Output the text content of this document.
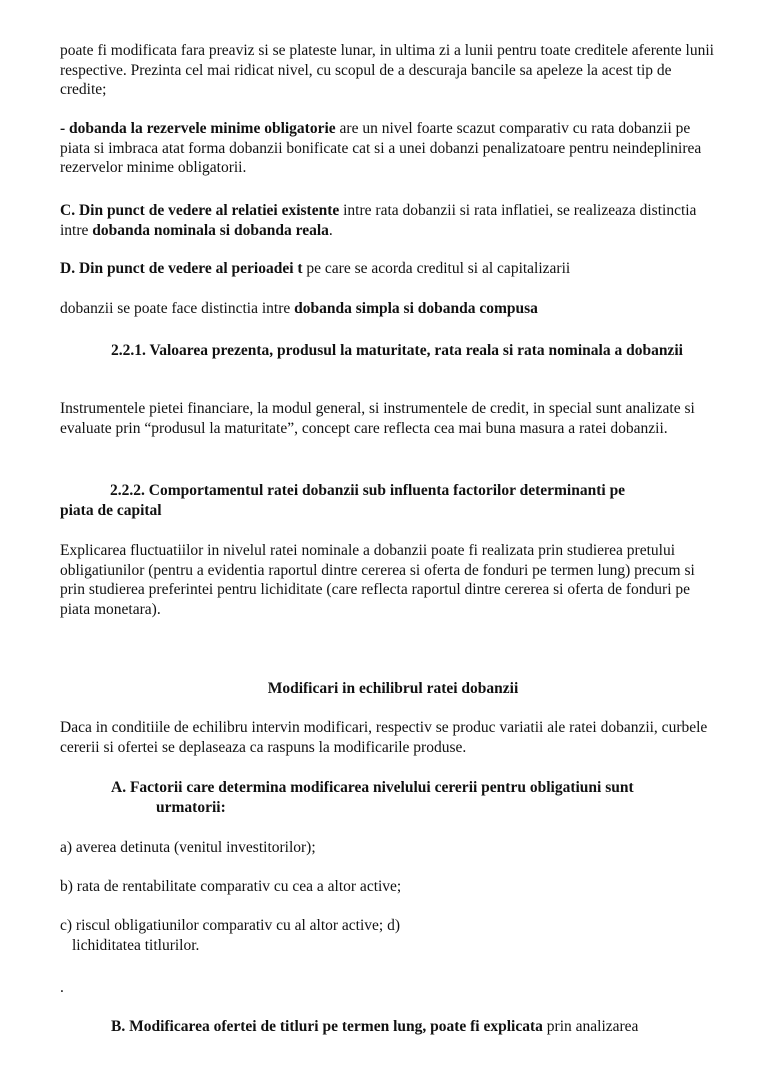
poate fi modificata fara preaviz si se plateste lunar, in ultima zi a lunii pentru toate creditele aferente lunii respective. Prezinta cel mai ridicat nivel, cu scopul de a descuraja bancile sa apeleze la acest tip de credite;

- dobanda la rezervele minime obligatorie are un nivel foarte scazut comparativ cu rata dobanzii pe piata si imbraca atat forma dobanzii bonificate cat si a unei dobanzi penalizatoare pentru neindeplinirea rezervelor minime obligatorii.

C. Din punct de vedere al relatiei existente intre rata dobanzii si rata inflatiei, se realizeaza distinctia intre dobanda nominala si dobanda reala.

D. Din punct de vedere al perioadei t pe care se acorda creditul si al capitalizarii

dobanzii se poate face distinctia intre dobanda simpla si dobanda compusa

2.2.1. Valoarea prezenta, produsul la maturitate, rata reala si rata nominala a dobanzii

Instrumentele pietei financiare, la modul general, si instrumentele de credit, in special sunt analizate si evaluate prin “produsul la maturitate”, concept care reflecta cea mai buna masura a ratei dobanzii.

2.2.2. Comportamentul ratei dobanzii sub influenta factorilor determinanti pe
piata de capital

Explicarea fluctuatiilor in nivelul ratei nominale a dobanzii poate fi realizata prin studierea pretului obligatiunilor (pentru a evidentia raportul dintre cererea si oferta de fonduri pe termen lung) precum si prin studierea preferintei pentru lichiditate (care reflecta raportul dintre cererea si oferta de fonduri pe piata monetara).

Modificari in echilibrul ratei dobanzii

Daca in conditiile de echilibru intervin modificari, respectiv se produc variatii ale ratei dobanzii, curbele cererii si ofertei se deplaseaza ca raspuns la modificarile produse.

A. Factorii care determina modificarea nivelului cererii pentru obligatiuni sunt
urmatorii:

a) averea detinuta (venitul investitorilor);

b) rata de rentabilitate comparativ cu cea a altor active;

c) riscul obligatiunilor comparativ cu al altor active; d)
lichiditatea titlurilor.

.

B. Modificarea ofertei de titluri pe termen lung, poate fi explicata prin analizarea
